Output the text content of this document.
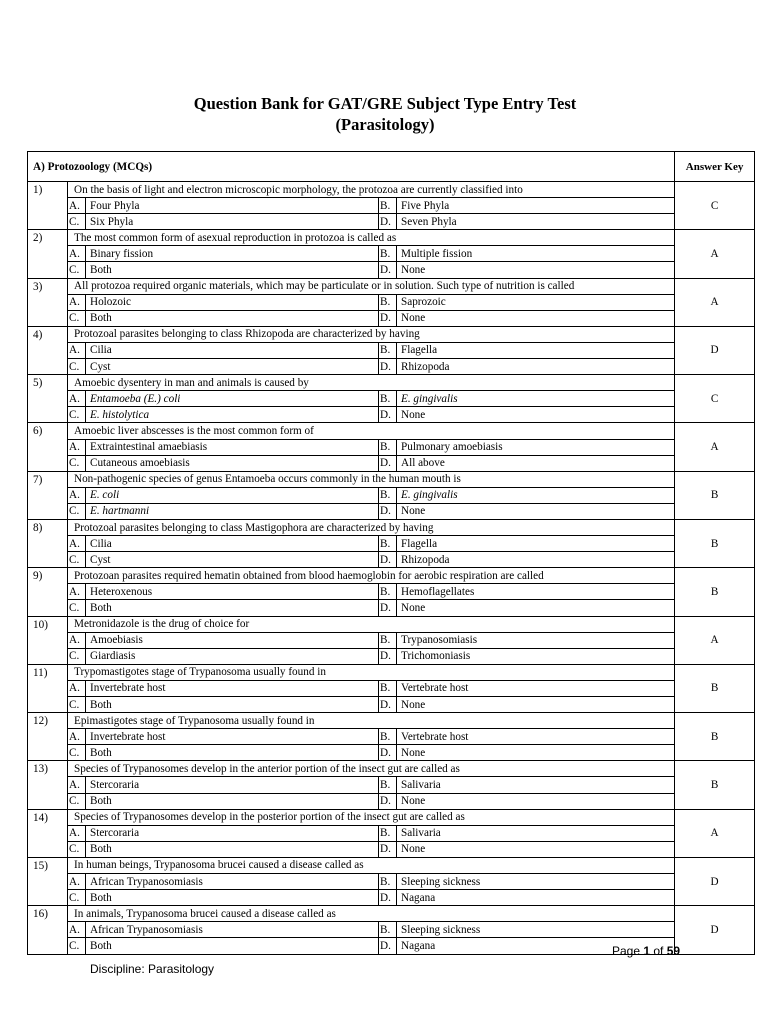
Question Bank for GAT/GRE Subject Type Entry Test
(Parasitology)
A) Protozoology (MCQs)					Answer Key
1)	On the basis of light and electron microscopic morphology, the protozoa are currently classified into				C
	A.	Four Phyla	B.	Five Phyla	
	C.	Six Phyla	D.	Seven Phyla	
2)	The most common form of asexual reproduction in protozoa is called as				A
	A.	Binary fission	B.	Multiple fission	
	C.	Both	D.	None	
3)	All protozoa required organic materials, which may be particulate or in solution. Such type of nutrition is called				A
	A.	Holozoic	B.	Saprozoic	
	C.	Both	D.	None	
4)	Protozoal parasites belonging to class Rhizopoda are characterized by having				D
	A.	Cilia	B.	Flagella	
	C.	Cyst	D.	Rhizopoda	
5)	Amoebic dysentery in man and animals is caused by				C
	A.	Entamoeba (E.) coli	B.	E. gingivalis	
	C.	E. histolytica	D.	None	
6)	Amoebic liver abscesses is the most common form of				A
	A.	Extraintestinal amaebiasis	B.	Pulmonary amoebiasis	
	C.	Cutaneous amoebiasis	D.	All above	
7)	Non-pathogenic species of genus Entamoeba occurs commonly in the human mouth is				B
	A.	E. coli	B.	E. gingivalis	
	C.	E. hartmanni	D.	None	
8)	Protozoal parasites belonging to class Mastigophora are characterized by having				B
	A.	Cilia	B.	Flagella	
	C.	Cyst	D.	Rhizopoda	
9)	Protozoan parasites required hematin obtained from blood haemoglobin for aerobic respiration are called				B
	A.	Heteroxenous	B.	Hemoflagellates	
	C.	Both	D.	None	
10)	Metronidazole is the drug of choice for				A
	A.	Amoebiasis	B.	Trypanosomiasis	
	C.	Giardiasis	D.	Trichomoniasis	
11)	Trypomastigotes stage of Trypanosoma usually found in				B
	A.	Invertebrate host	B.	Vertebrate host	
	C.	Both	D.	None	
12)	Epimastigotes stage of Trypanosoma usually found in				B
	A.	Invertebrate host	B.	Vertebrate host	
	C.	Both	D.	None	
13)	Species of Trypanosomes develop in the anterior portion of the insect gut are called as				B
	A.	Stercoraria	B.	Salivaria	
	C.	Both	D.	None	
14)	Species of Trypanosomes develop in the posterior portion of the insect gut are called as				A
	A.	Stercoraria	B.	Salivaria	
	C.	Both	D.	None	
15)	In human beings, Trypanosoma brucei caused a disease called as				D
	A.	African Trypanosomiasis	B.	Sleeping sickness	
	C.	Both	D.	Nagana	
16)	In animals, Trypanosoma brucei caused a disease called as				D
	A.	African Trypanosomiasis	B.	Sleeping sickness	
	C.	Both	D.	Nagana		Page 1 of 59
Discipline: Parasitology
